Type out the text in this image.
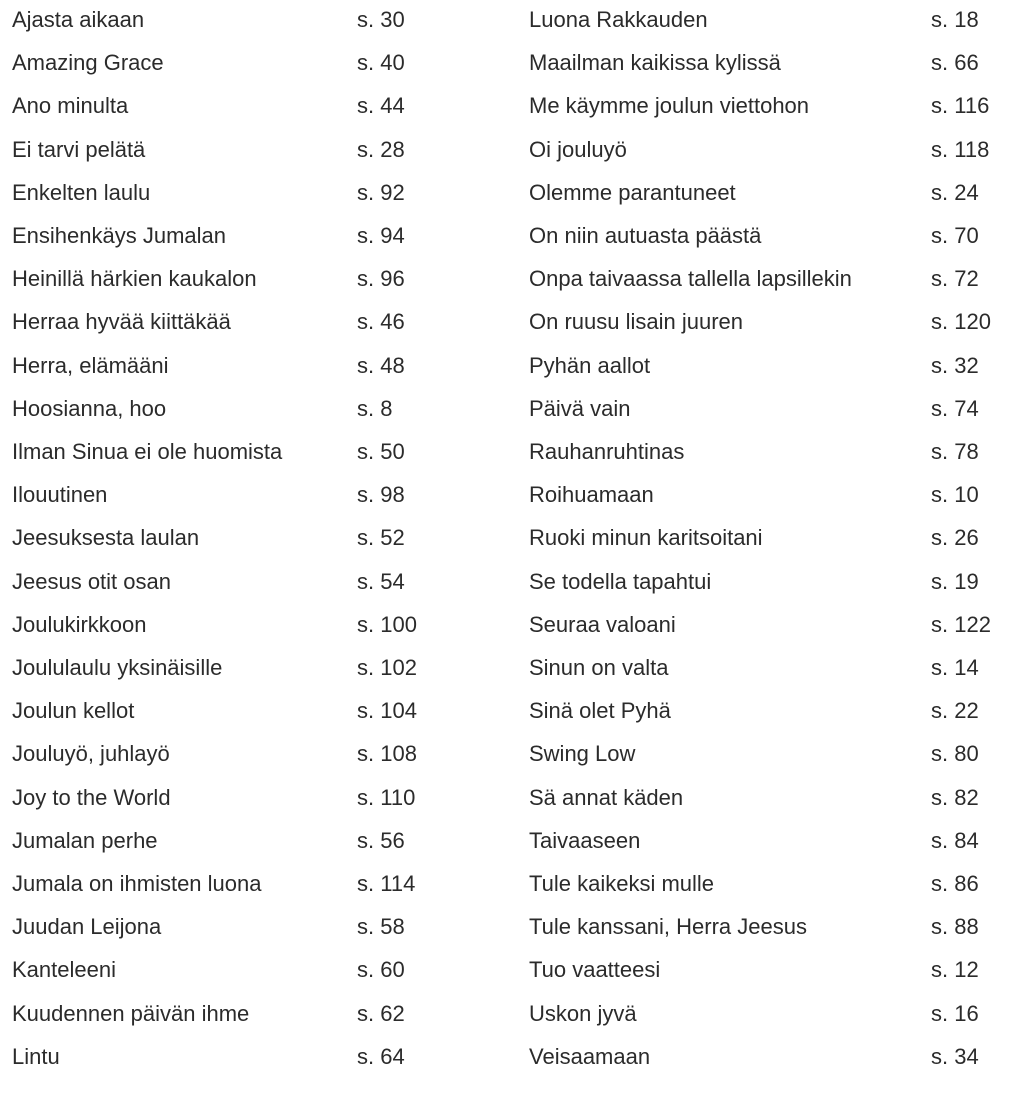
Ajasta aikaan	s. 30
Amazing Grace	s. 40
Ano minulta	s. 44
Ei tarvi pelätä	s. 28
Enkelten laulu	s. 92
Ensihenkäys Jumalan	s. 94
Heinillä härkien kaukalon	s. 96
Herraa hyvää kiittäkää	s. 46
Herra, elämääni	s. 48
Hoosianna, hoo	s. 8
Ilman Sinua ei ole huomista	s. 50
Ilouutinen	s. 98
Jeesuksesta laulan	s. 52
Jeesus otit osan	s. 54
Joulukirkkoon	s. 100
Joululaulu yksinäisille	s. 102
Joulun kellot	s. 104
Jouluyö, juhlayö	s. 108
Joy to the World	s. 110
Jumalan perhe	s. 56
Jumala on ihmisten luona	s. 114
Juudan Leijona	s. 58
Kanteleeni	s. 60
Kuudennen päivän ihme	s. 62
Lintu	s. 64
Luona Rakkauden	s. 18
Maailman kaikissa kylissä	s. 66
Me käymme joulun viettohon	s. 116
Oi jouluyö	s. 118
Olemme parantuneet	s. 24
On niin autuasta päästä	s. 70
Onpa taivaassa tallella lapsillekin	s. 72
On ruusu lisain juuren	s. 120
Pyhän aallot	s. 32
Päivä vain	s. 74
Rauhanruhtinas	s. 78
Roihuamaan	s. 10
Ruoki minun karitsoitani	s. 26
Se todella tapahtui	s. 19
Seuraa valoani	s. 122
Sinun on valta	s. 14
Sinä olet Pyhä	s. 22
Swing Low	s. 80
Sä annat käden	s. 82
Taivaaseen	s. 84
Tule kaikeksi mulle	s. 86
Tule kanssani, Herra Jeesus	s. 88
Tuo vaatteesi	s. 12
Uskon jyvä	s. 16
Veisaamaan	s. 34
